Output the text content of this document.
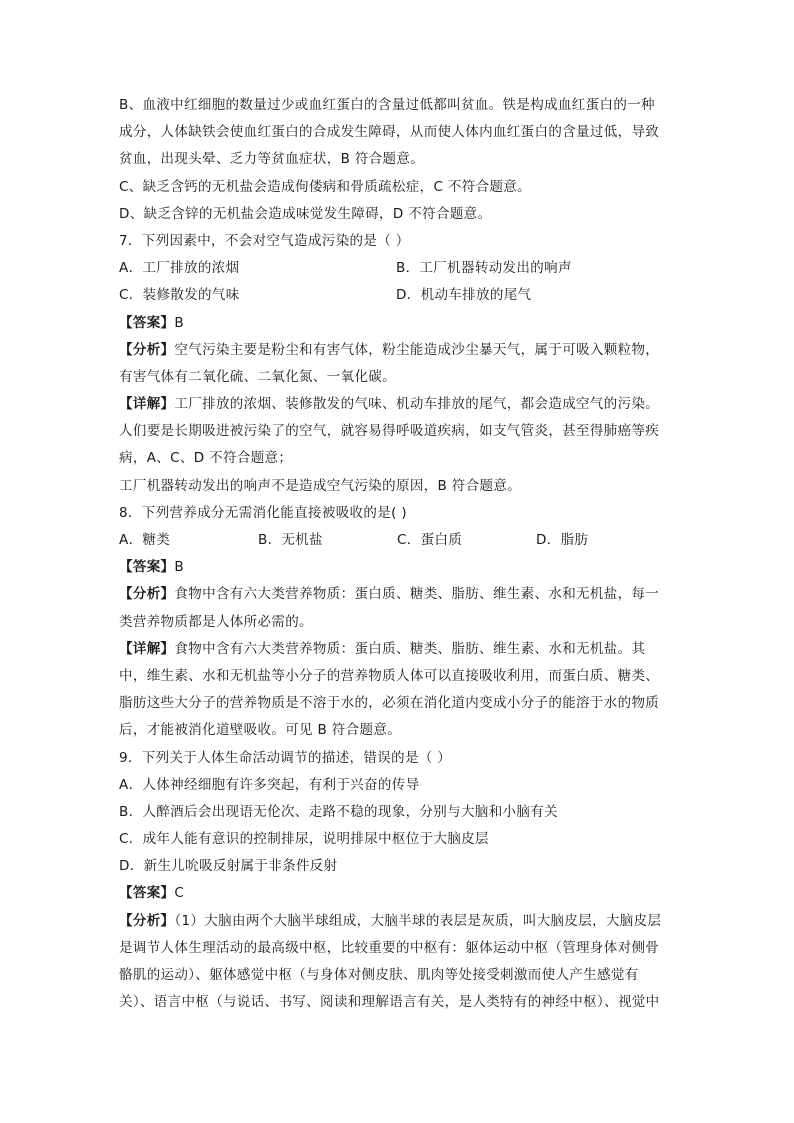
B、血液中红细胞的数量过少或血红蛋白的含量过低都叫贫血。铁是构成血红蛋白的一种
成分，人体缺铁会使血红蛋白的合成发生障碍，从而使人体内血红蛋白的含量过低，导致
贫血，出现头晕、乏力等贫血症状，B 符合题意。
C、缺乏含钙的无机盐会造成佝偻病和骨质疏松症，C 不符合题意。
D、缺乏含锌的无机盐会造成味觉发生障碍，D 不符合题意。
7．下列因素中，不会对空气造成污染的是（ ）
A．工厂排放的浓烟	B．工厂机器转动发出的响声
C．装修散发的气味	D．机动车排放的尾气
【答案】B
【分析】空气污染主要是粉尘和有害气体，粉尘能造成沙尘暴天气，属于可吸入颗粒物，
有害气体有二氧化硫、二氧化氮、一氧化碳。
【详解】工厂排放的浓烟、装修散发的气味、机动车排放的尾气，都会造成空气的污染。
人们要是长期吸进被污染了的空气，就容易得呼吸道疾病，如支气管炎，甚至得肺癌等疾
病，A、C、D 不符合题意；
工厂机器转动发出的响声不是造成空气污染的原因，B 符合题意。
8．下列营养成分无需消化能直接被吸收的是( )
A．糖类	B．无机盐	C．蛋白质	D．脂肪
【答案】B
【分析】食物中含有六大类营养物质：蛋白质、糖类、脂肪、维生素、水和无机盐，每一
类营养物质都是人体所必需的。
【详解】食物中含有六大类营养物质：蛋白质、糖类、脂肪、维生素、水和无机盐。其
中，维生素、水和无机盐等小分子的营养物质人体可以直接吸收利用，而蛋白质、糖类、
脂肪这些大分子的营养物质是不溶于水的，必须在消化道内变成小分子的能溶于水的物质
后，才能被消化道壁吸收。可见 B 符合题意。
9．下列关于人体生命活动调节的描述，错误的是（ ）
A．人体神经细胞有许多突起，有利于兴奋的传导
B．人醉酒后会出现语无伦次、走路不稳的现象，分别与大脑和小脑有关
C．成年人能有意识的控制排尿，说明排尿中枢位于大脑皮层
D．新生儿吮吸反射属于非条件反射
【答案】C
【分析】（1）大脑由两个大脑半球组成，大脑半球的表层是灰质，叫大脑皮层，大脑皮层
是调节人体生理活动的最高级中枢，比较重要的中枢有：躯体运动中枢（管理身体对侧骨
骼肌的运动）、躯体感觉中枢（与身体对侧皮肤、肌肉等处接受刺激而使人产生感觉有
关）、语言中枢（与说话、书写、阅读和理解语言有关，是人类特有的神经中枢）、视觉中
